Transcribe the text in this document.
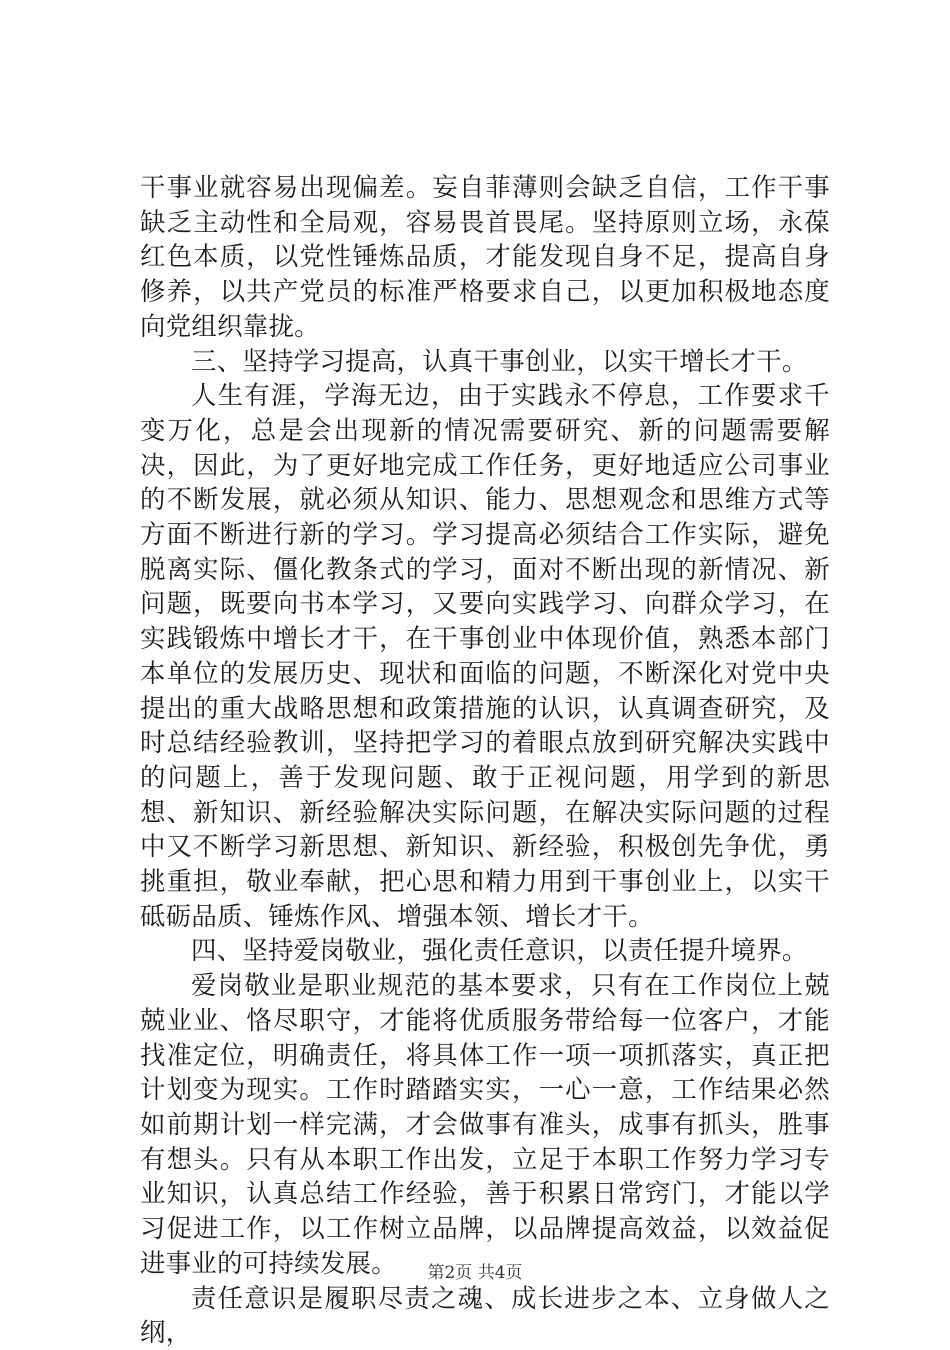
干事业就容易出现偏差。妄自菲薄则会缺乏自信，工作干事缺乏主动性和全局观，容易畏首畏尾。坚持原则立场，永葆红色本质，以党性锤炼品质，才能发现自身不足，提高自身修养，以共产党员的标准严格要求自己，以更加积极地态度向党组织靠拢。

三、坚持学习提高，认真干事创业，以实干增长才干。

人生有涯，学海无边，由于实践永不停息，工作要求千变万化，总是会出现新的情况需要研究、新的问题需要解决，因此，为了更好地完成工作任务，更好地适应公司事业的不断发展，就必须从知识、能力、思想观念和思维方式等方面不断进行新的学习。学习提高必须结合工作实际，避免脱离实际、僵化教条式的学习，面对不断出现的新情况、新问题，既要向书本学习，又要向实践学习、向群众学习，在实践锻炼中增长才干，在干事创业中体现价值，熟悉本部门本单位的发展历史、现状和面临的问题，不断深化对党中央提出的重大战略思想和政策措施的认识，认真调查研究，及时总结经验教训，坚持把学习的着眼点放到研究解决实践中的问题上，善于发现问题、敢于正视问题，用学到的新思想、新知识、新经验解决实际问题，在解决实际问题的过程中又不断学习新思想、新知识、新经验，积极创先争优，勇挑重担，敬业奉献，把心思和精力用到干事创业上，以实干砥砺品质、锤炼作风、增强本领、增长才干。

四、坚持爱岗敬业，强化责任意识，以责任提升境界。

爱岗敬业是职业规范的基本要求，只有在工作岗位上兢兢业业、恪尽职守，才能将优质服务带给每一位客户，才能找准定位，明确责任，将具体工作一项一项抓落实，真正把计划变为现实。工作时踏踏实实，一心一意，工作结果必然如前期计划一样完满，才会做事有准头，成事有抓头，胜事有想头。只有从本职工作出发，立足于本职工作努力学习专业知识，认真总结工作经验，善于积累日常窍门，才能以学习促进工作，以工作树立品牌，以品牌提高效益，以效益促进事业的可持续发展。

责任意识是履职尽责之魂、成长进步之本、立身做人之纲，

第2页 共4页
